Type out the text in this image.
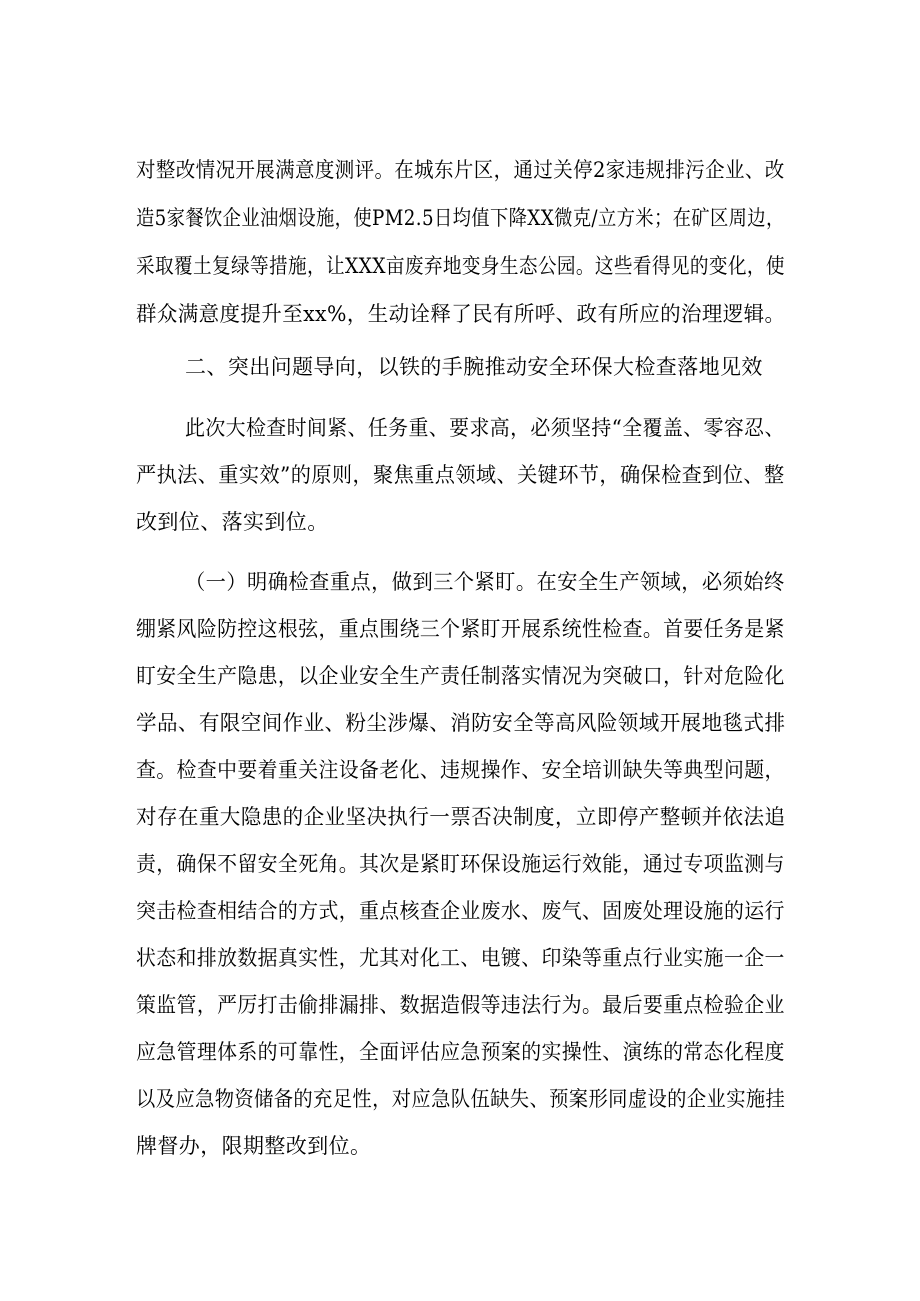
对整改情况开展满意度测评。在城东片区，通过关停2家违规排污企业、改

造5家餐饮企业油烟设施，使PM2.5日均值下降XX微克/立方米；在矿区周边，

采取覆土复绿等措施，让XXX亩废弃地变身生态公园。这些看得见的变化，使

群众满意度提升至xx%，生动诠释了民有所呼、政有所应的治理逻辑。

二、突出问题导向，以铁的手腕推动安全环保大检查落地见效

此次大检查时间紧、任务重、要求高，必须坚持“全覆盖、零容忍、

严执法、重实效”的原则，聚焦重点领域、关键环节，确保检查到位、整

改到位、落实到位。

（一）明确检查重点，做到三个紧盯。在安全生产领域，必须始终

绷紧风险防控这根弦，重点围绕三个紧盯开展系统性检查。首要任务是紧

盯安全生产隐患，以企业安全生产责任制落实情况为突破口，针对危险化

学品、有限空间作业、粉尘涉爆、消防安全等高风险领域开展地毯式排

查。检查中要着重关注设备老化、违规操作、安全培训缺失等典型问题，

对存在重大隐患的企业坚决执行一票否决制度，立即停产整顿并依法追

责，确保不留安全死角。其次是紧盯环保设施运行效能，通过专项监测与

突击检查相结合的方式，重点核查企业废水、废气、固废处理设施的运行

状态和排放数据真实性，尤其对化工、电镀、印染等重点行业实施一企一

策监管，严厉打击偷排漏排、数据造假等违法行为。最后要重点检验企业

应急管理体系的可靠性，全面评估应急预案的实操性、演练的常态化程度

以及应急物资储备的充足性，对应急队伍缺失、预案形同虚设的企业实施挂

牌督办，限期整改到位。
